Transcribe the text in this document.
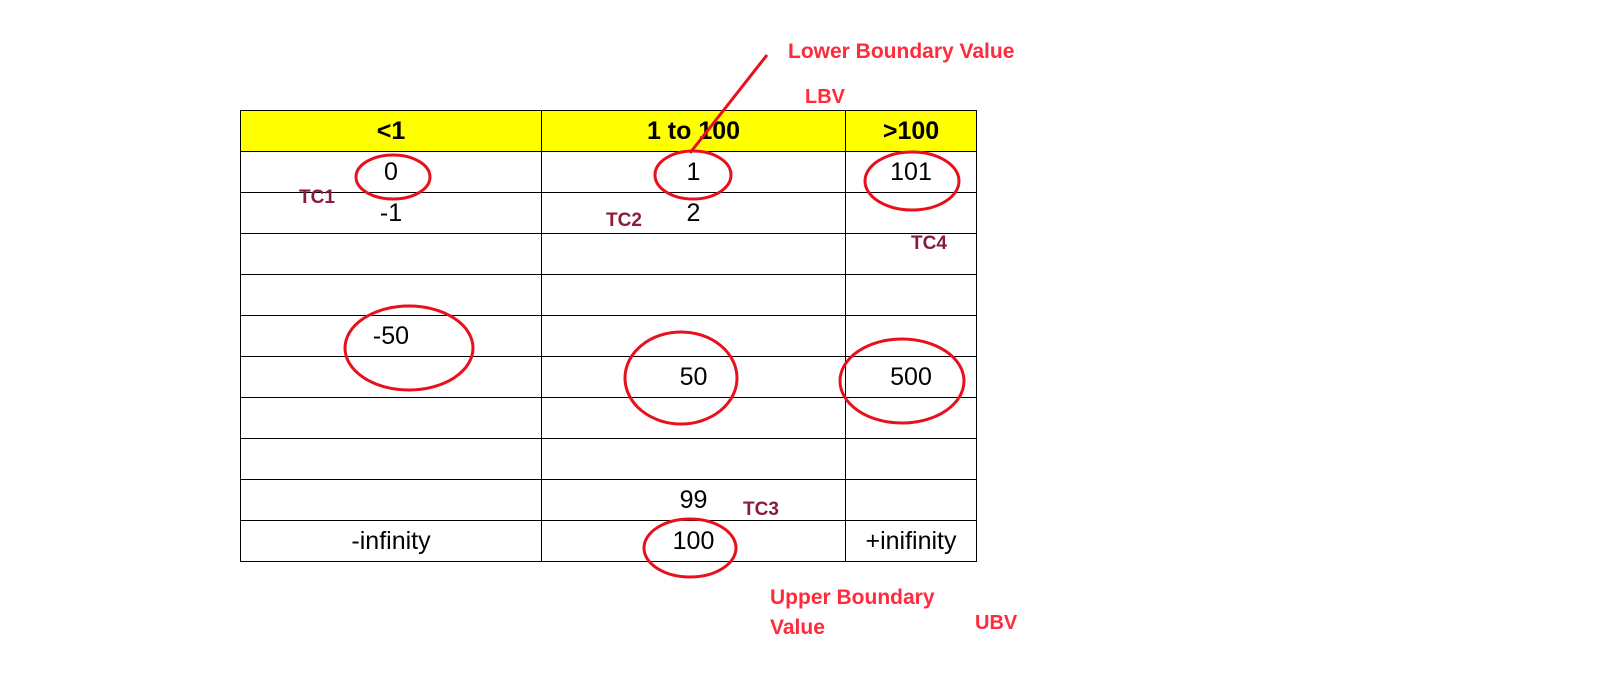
<1	1 to 100	>100
0	1	101
-1	2	

-50		
	50	500

	99	
-infinity	100	+inifinity

Lower Boundary Value

LBV

Upper Boundary

Value	UBV

TC1

TC2

TC3

TC4
